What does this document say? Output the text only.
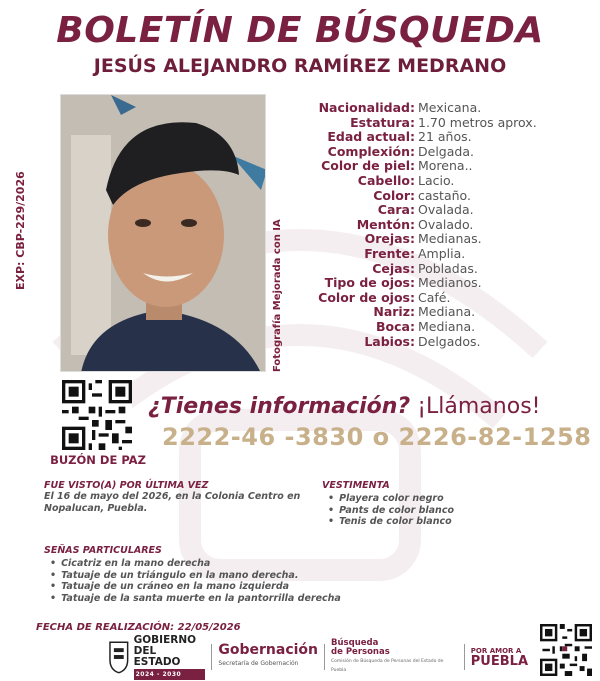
BOLETÍN DE BÚSQUEDA
JESÚS ALEJANDRO RAMÍREZ MEDRANO
EXP: CBP-229/2026	Fotografía Mejorada con IA
Nacionalidad: Mexicana.
Estatura: 1.70 metros aprox.
Edad actual: 21 años.
Complexión: Delgada.
Color de piel: Morena..
Cabello: Lacio.
Color: castaño.
Cara: Ovalada.
Mentón: Ovalado.
Orejas: Medianas.
Frente: Amplia.
Cejas: Pobladas.
Tipo de ojos: Medianos.
Color de ojos: Café.
Nariz: Mediana.
Boca: Mediana.
Labios: Delgados.
BUZÓN DE PAZ
¿Tienes información? ¡Llámanos!
2222-46 -3830 o 2226-82-1258
FUE VISTO(A) POR ÚLTIMA VEZ
El 16 de mayo del 2026, en la Colonia Centro en Nopalucan, Puebla.
VESTIMENTA
• Playera color negro
• Pants de color blanco
• Tenis de color blanco
SEÑAS PARTICULARES
• Cicatriz en la mano derecha
• Tatuaje de un triángulo en la mano derecha.
• Tatuaje de un cráneo en la mano izquierda
• Tatuaje de la santa muerte en la pantorrilla derecha
FECHA DE REALIZACIÓN: 22/05/2026
GOBIERNO
DEL ESTADO
2024 - 2030
Gobernación
Secretaría de Gobernación
Búsqueda
de Personas
Comisión de Búsqueda de Personas del Estado de Puebla
POR AMOR A
PUEBLA
